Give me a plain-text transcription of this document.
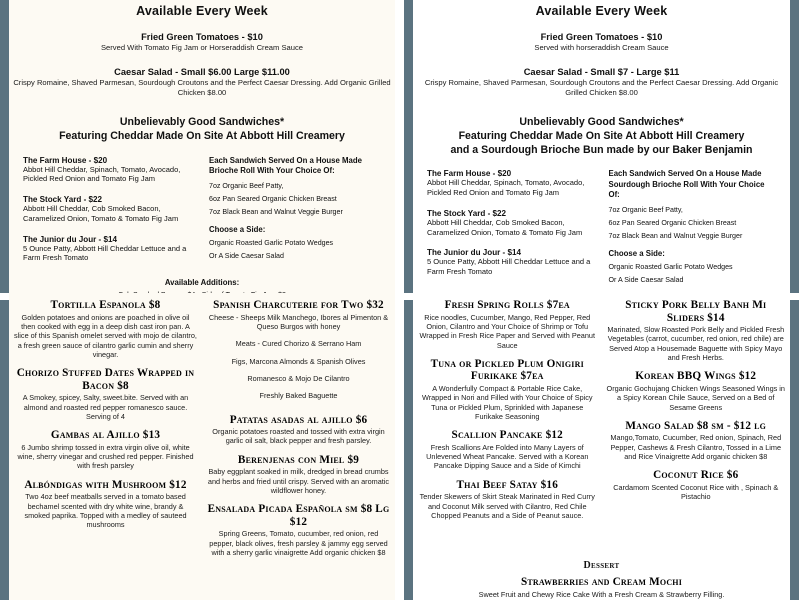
Available Every Week
Fried Green Tomatoes - $10
Served With Tomato Fig Jam or Horseraddish Cream Sauce
Caesar Salad - Small $6.00 Large $11.00
Crispy Romaine, Shaved Parmesan, Sourdough Croutons and the Perfect Caesar Dressing. Add Organic Grilled Chicken $8.00
Unbelievably Good Sandwiches*
Featuring Cheddar Made On Site At Abbott Hill Creamery
The Farm House - $20
Abbot Hill Cheddar, Spinach, Tomato, Avocado, Pickled Red Onion and Tomato Fig Jam
The Stock Yard - $22
Abbott Hill Cheddar, Cob Smoked Bacon, Caramelized Onion, Tomato & Tomato Fig Jam
The Junior du Jour - $14
5 Ounce Patty, Abbott Hill Cheddar Lettuce and a Farm Fresh Tomato
Each Sandwich Served On a House Made Brioche Roll With Your Choice Of:
7oz Organic Beef Patty,
6oz Pan Seared Organic Chicken Breast
7oz Black Bean and Walnut Veggie Burger
Choose a Side:
Organic Roasted Garlic Potato Wedges
Or A Side Caesar Salad
Available Additions:
Available Every Week
Fried Green Tomatoes - $10
Served with horseraddish Cream Sauce
Caesar Salad - Small $7 - Large $11
Crispy Romaine, Shaved Parmesan, Sourdough Croutons and the Perfect Caesar Dressing. Add Organic Grilled Chicken $8.00
Unbelievably Good Sandwiches*
Featuring Cheddar Made On Site At Abbott Hill Creamery
and a Sourdough Brioche Bun made by our Baker Benjamin
The Farm House - $20
Abbot Hill Cheddar, Spinach, Tomato, Avocado, Pickled Red Onion and Tomato Fig Jam
The Stock Yard - $22
Abbott Hill Cheddar, Cob Smoked Bacon, Caramelized Onion, Tomato & Tomato Fig Jam
The Junior du Jour - $14
5 Ounce Patty, Abbott Hill Cheddar Lettuce and a Farm Fresh Tomato
Each Sandwich Served On a House Made Sourdough Brioche Roll With Your Choice Of:
7oz Organic Beef Patty,
6oz Pan Seared Organic Chicken Breast
7oz Black Bean and Walnut Veggie Burger
Choose a Side:
Organic Roasted Garlic Potato Wedges
Or A Side Caesar Salad
Tortilla Espanola $8
Golden potatoes and onions are poached in olive oil then cooked with egg in a deep dish cast iron pan. A slice of this Spanish omelet served with mojo de cilantro, a fresh green sauce of cilantro garlic cumin and sherry vinegar.
Chorizo Stuffed Dates Wrapped in Bacon $8
A Smokey, spicey, Salty, sweet.bite. Served with an almond and roasted red pepper romanesco sauce. Serving of 4
Gambas al Ajillo $13
6 Jumbo shrimp tossed in extra virgin olive oil, white wine, sherry vinegar and crushed red pepper. Finished with fresh parsley
Albóndigas with Mushroom $12
Two 4oz beef meatballs served in a tomato based bechamel scented with dry white wine, brandy & smoked paprika. Topped with a medley of sauteed mushrooms
Spanish Charcuterie for Two $32
Cheese - Sheeps Milk Manchego, Ibores al Pimenton & Queso Burgos with honey
Meats - Cured Chorizo & Serrano Ham
Figs, Marcona Almonds & Spanish Olives
Romanesco & Mojo De Cilantro
Freshly Baked Baguette
Patatas asadas al ajillo $6
Organic potatoes roasted and tossed with extra virgin garlic oil salt, black pepper and fresh parsley.
Berenjenas con Miel $9
Baby eggplant soaked in milk, dredged in bread crumbs and herbs and fried until crispy. Served with an aromatic wildflower honey.
Ensalada Picada Española sm $8 Lg $12
Spring Greens, Tomato, cucumber, red onion, red pepper, black olives, fresh parsley & jammy egg served with a sherry garlic vinaigrette Add organic chicken $8
Fresh Spring Rolls $7ea
Rice noodles, Cucumber, Mango, Red Pepper, Red Onion, Cilantro and Your Choice of Shrimp or Tofu Wrapped in Fresh Rice Paper and Served with Peanut Sauce
Tuna or Pickled Plum Onigiri Furikake $7ea
A Wonderfully Compact & Portable Rice Cake, Wrapped in Nori and Filled with Your Choice of Spicy Tuna or Pickled Plum, Sprinkled with Japanese Furikake Seasoning
Scallion Pancake $12
Fresh Scallions Are Folded into Many Layers of Unlevened Wheat Pancake. Served with a Korean Pancake Dipping Sauce and a Side of Kimchi
Thai Beef Satay $16
Tender Skewers of Skirt Steak Marinated in Red Curry and Coconut Milk served with Cilantro, Red Chile Chopped Peanuts and a Side of Peanut sauce.
Sticky Pork Belly Banh Mi Sliders $14
Marinated, Slow Roasted Pork Belly and Pickled Fresh Vegetables (carrot, cucumber, red onion, red chile) are Served Atop a Housemade Baguette with Spicy Mayo and Fresh Herbs.
Korean BBQ Wings $12
Organic Gochujang Chicken Wings Seasoned Wings in a Spicy Korean Chile Sauce, Served on a Bed of Sesame Greens
Mango Salad $8 sm - $12 lg
Mango,Tomato, Cucumber, Red onion, Spinach, Red Pepper, Cashews & Fresh Cilantro, Tossed in a Lime and Rice Vinaigrette Add organic chicken $8
Coconut Rice $6
Cardamom Scented Coconut Rice with , Spinach & Pistachio
Dessert
Strawberries and Cream Mochi
Sweet Fruit and Chewy Rice Cake With a Fresh Cream & Strawberry Filling.
